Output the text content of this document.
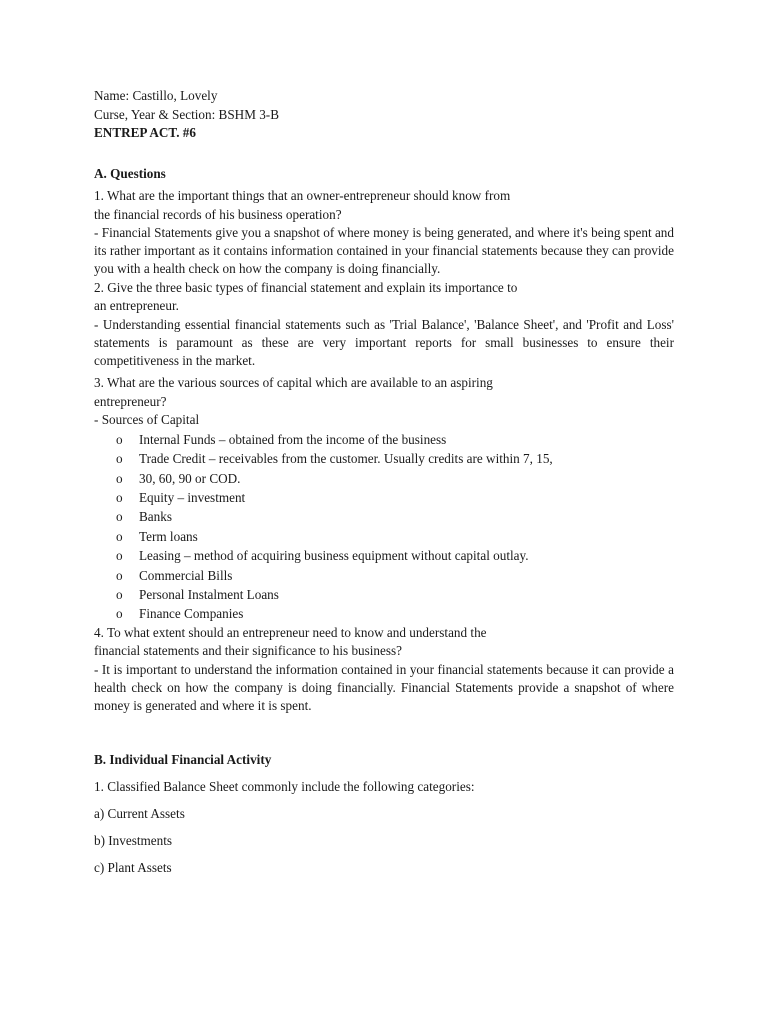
Name: Castillo, Lovely
Curse, Year & Section: BSHM 3-B
ENTREP ACT. #6
A. Questions
1. What are the important things that an owner-entrepreneur should know from
the financial records of his business operation?
- Financial Statements give you a snapshot of where money is being generated, and where it's being spent and its rather important as it contains information contained in your financial statements because they can provide you with a health check on how the company is doing financially.
2. Give the three basic types of financial statement and explain its importance to
an entrepreneur.
- Understanding essential financial statements such as 'Trial Balance', 'Balance Sheet', and 'Profit and Loss' statements is paramount as these are very important reports for small businesses to ensure their competitiveness in the market.
3. What are the various sources of capital which are available to an aspiring
entrepreneur?
- Sources of Capital
o	Internal Funds – obtained from the income of the business
o	Trade Credit – receivables from the customer. Usually credits are within 7, 15,
o	30, 60, 90 or COD.
o	Equity – investment
o	Banks
o	Term loans
o	Leasing – method of acquiring business equipment without capital outlay.
o	Commercial Bills
o	Personal Instalment Loans
o	Finance Companies
4. To what extent should an entrepreneur need to know and understand the
financial statements and their significance to his business?
- It is important to understand the information contained in your financial statements because it can provide a health check on how the company is doing financially. Financial Statements provide a snapshot of where money is generated and where it is spent.
B. Individual Financial Activity
1. Classified Balance Sheet commonly include the following categories:
a) Current Assets
b) Investments
c) Plant Assets
